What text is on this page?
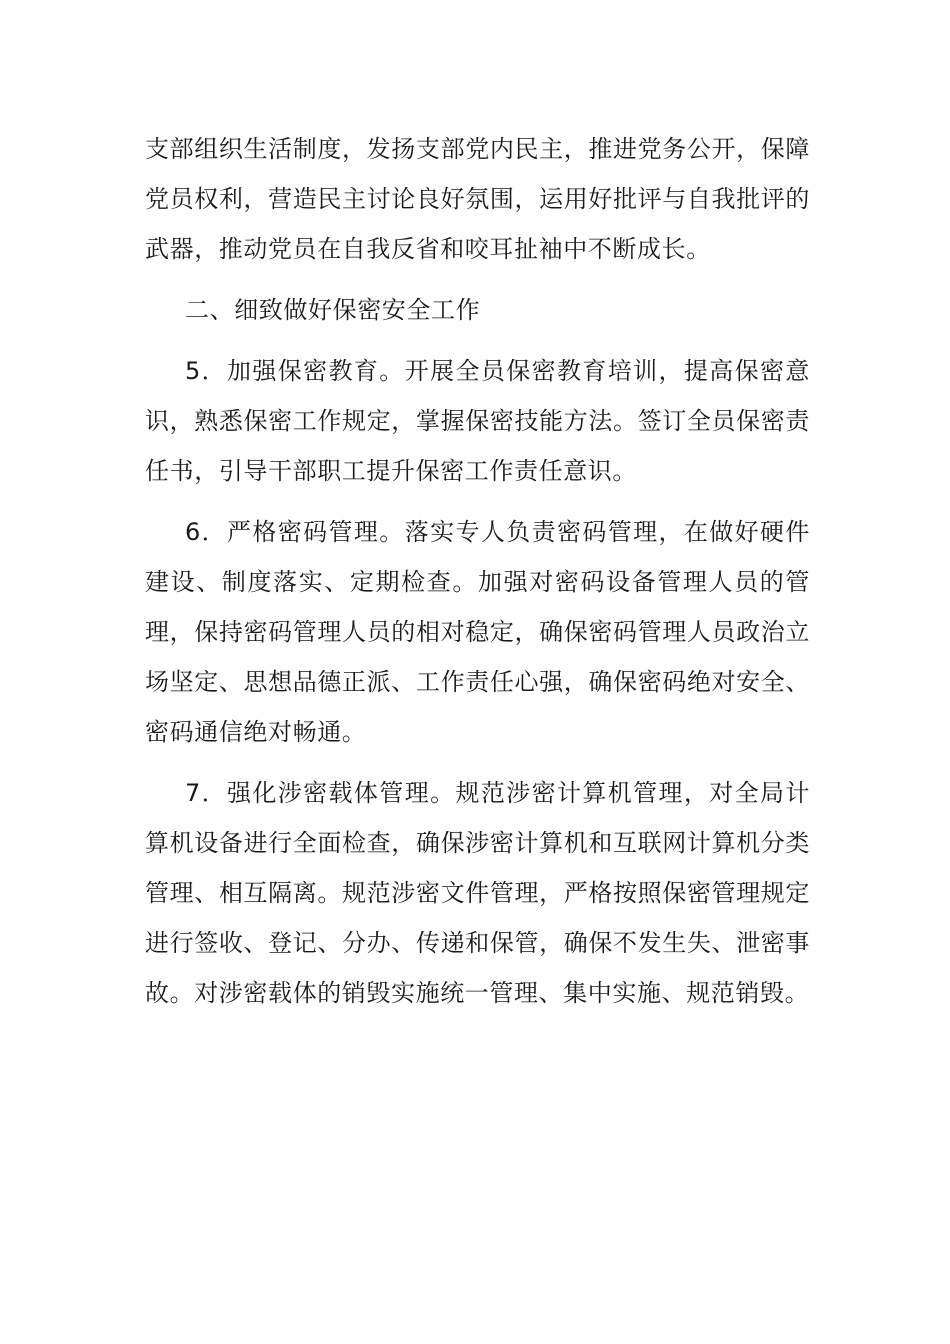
支部组织生活制度，发扬支部党内民主，推进党务公开，保障党员权利，营造民主讨论良好氛围，运用好批评与自我批评的武器，推动党员在自我反省和咬耳扯袖中不断成长。

二、细致做好保密安全工作

5．加强保密教育。开展全员保密教育培训，提高保密意识，熟悉保密工作规定，掌握保密技能方法。签订全员保密责任书，引导干部职工提升保密工作责任意识。

6．严格密码管理。落实专人负责密码管理，在做好硬件建设、制度落实、定期检查。加强对密码设备管理人员的管理，保持密码管理人员的相对稳定，确保密码管理人员政治立场坚定、思想品德正派、工作责任心强，确保密码绝对安全、密码通信绝对畅通。

7．强化涉密载体管理。规范涉密计算机管理，对全局计算机设备进行全面检查，确保涉密计算机和互联网计算机分类管理、相互隔离。规范涉密文件管理，严格按照保密管理规定进行签收、登记、分办、传递和保管，确保不发生失、泄密事故。对涉密载体的销毁实施统一管理、集中实施、规范销毁。
